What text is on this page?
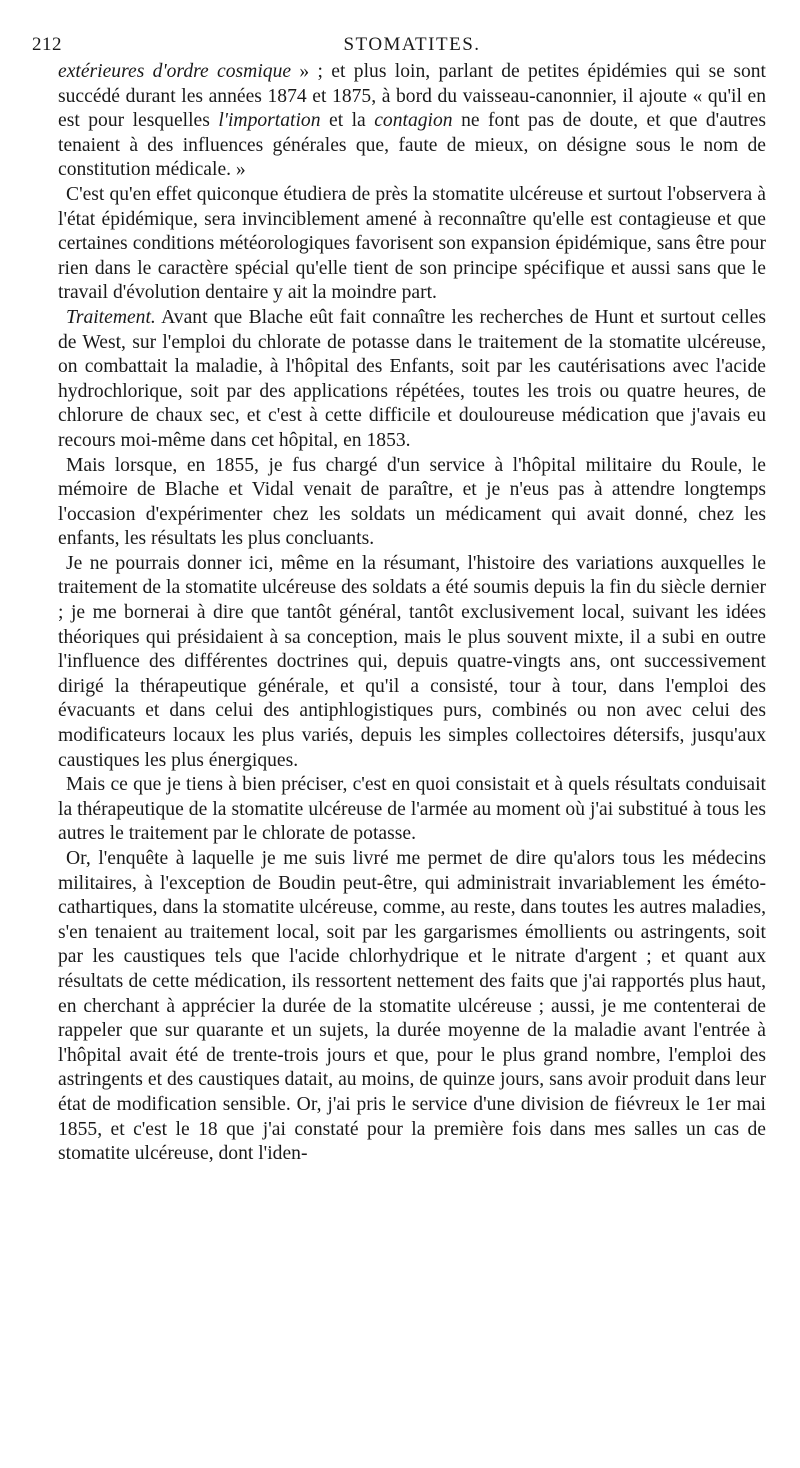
212	STOMATITES.

extérieures d'ordre cosmique » ; et plus loin, parlant de petites épidémies qui se sont succédé durant les années 1874 et 1875, à bord du vaisseau-canonnier, il ajoute « qu'il en est pour lesquelles l'importation et la contagion ne font pas de doute, et que d'autres tenaient à des influences générales que, faute de mieux, on désigne sous le nom de constitution médicale. »

C'est qu'en effet quiconque étudiera de près la stomatite ulcéreuse et surtout l'observera à l'état épidémique, sera invinciblement amené à reconnaître qu'elle est contagieuse et que certaines conditions météorologiques favorisent son expansion épidémique, sans être pour rien dans le caractère spécial qu'elle tient de son principe spécifique et aussi sans que le travail d'évolution dentaire y ait la moindre part.

Traitement. Avant que Blache eût fait connaître les recherches de Hunt et surtout celles de West, sur l'emploi du chlorate de potasse dans le traitement de la stomatite ulcéreuse, on combattait la maladie, à l'hôpital des Enfants, soit par les cautérisations avec l'acide hydrochlorique, soit par des applications répétées, toutes les trois ou quatre heures, de chlorure de chaux sec, et c'est à cette difficile et douloureuse médication que j'avais eu recours moi-même dans cet hôpital, en 1853.

Mais lorsque, en 1855, je fus chargé d'un service à l'hôpital militaire du Roule, le mémoire de Blache et Vidal venait de paraître, et je n'eus pas à attendre longtemps l'occasion d'expérimenter chez les soldats un médicament qui avait donné, chez les enfants, les résultats les plus concluants.

Je ne pourrais donner ici, même en la résumant, l'histoire des variations auxquelles le traitement de la stomatite ulcéreuse des soldats a été soumis depuis la fin du siècle dernier ; je me bornerai à dire que tantôt général, tantôt exclusivement local, suivant les idées théoriques qui présidaient à sa conception, mais le plus souvent mixte, il a subi en outre l'influence des différentes doctrines qui, depuis quatre-vingts ans, ont successivement dirigé la thérapeutique générale, et qu'il a consisté, tour à tour, dans l'emploi des évacuants et dans celui des antiphlogistiques purs, combinés ou non avec celui des modificateurs locaux les plus variés, depuis les simples collectoires détersifs, jusqu'aux caustiques les plus énergiques.

Mais ce que je tiens à bien préciser, c'est en quoi consistait et à quels résultats conduisait la thérapeutique de la stomatite ulcéreuse de l'armée au moment où j'ai substitué à tous les autres le traitement par le chlorate de potasse.

Or, l'enquête à laquelle je me suis livré me permet de dire qu'alors tous les médecins militaires, à l'exception de Boudin peut-être, qui administrait invariablement les éméto-cathartiques, dans la stomatite ulcéreuse, comme, au reste, dans toutes les autres maladies, s'en tenaient au traitement local, soit par les gargarismes émollients ou astringents, soit par les caustiques tels que l'acide chlorhydrique et le nitrate d'argent ; et quant aux résultats de cette médication, ils ressortent nettement des faits que j'ai rapportés plus haut, en cherchant à apprécier la durée de la stomatite ulcéreuse ; aussi, je me contenterai de rappeler que sur quarante et un sujets, la durée moyenne de la maladie avant l'entrée à l'hôpital avait été de trente-trois jours et que, pour le plus grand nombre, l'emploi des astringents et des caustiques datait, au moins, de quinze jours, sans avoir produit dans leur état de modification sensible. Or, j'ai pris le service d'une division de fiévreux le 1er mai 1855, et c'est le 18 que j'ai constaté pour la première fois dans mes salles un cas de stomatite ulcéreuse, dont l'iden-
